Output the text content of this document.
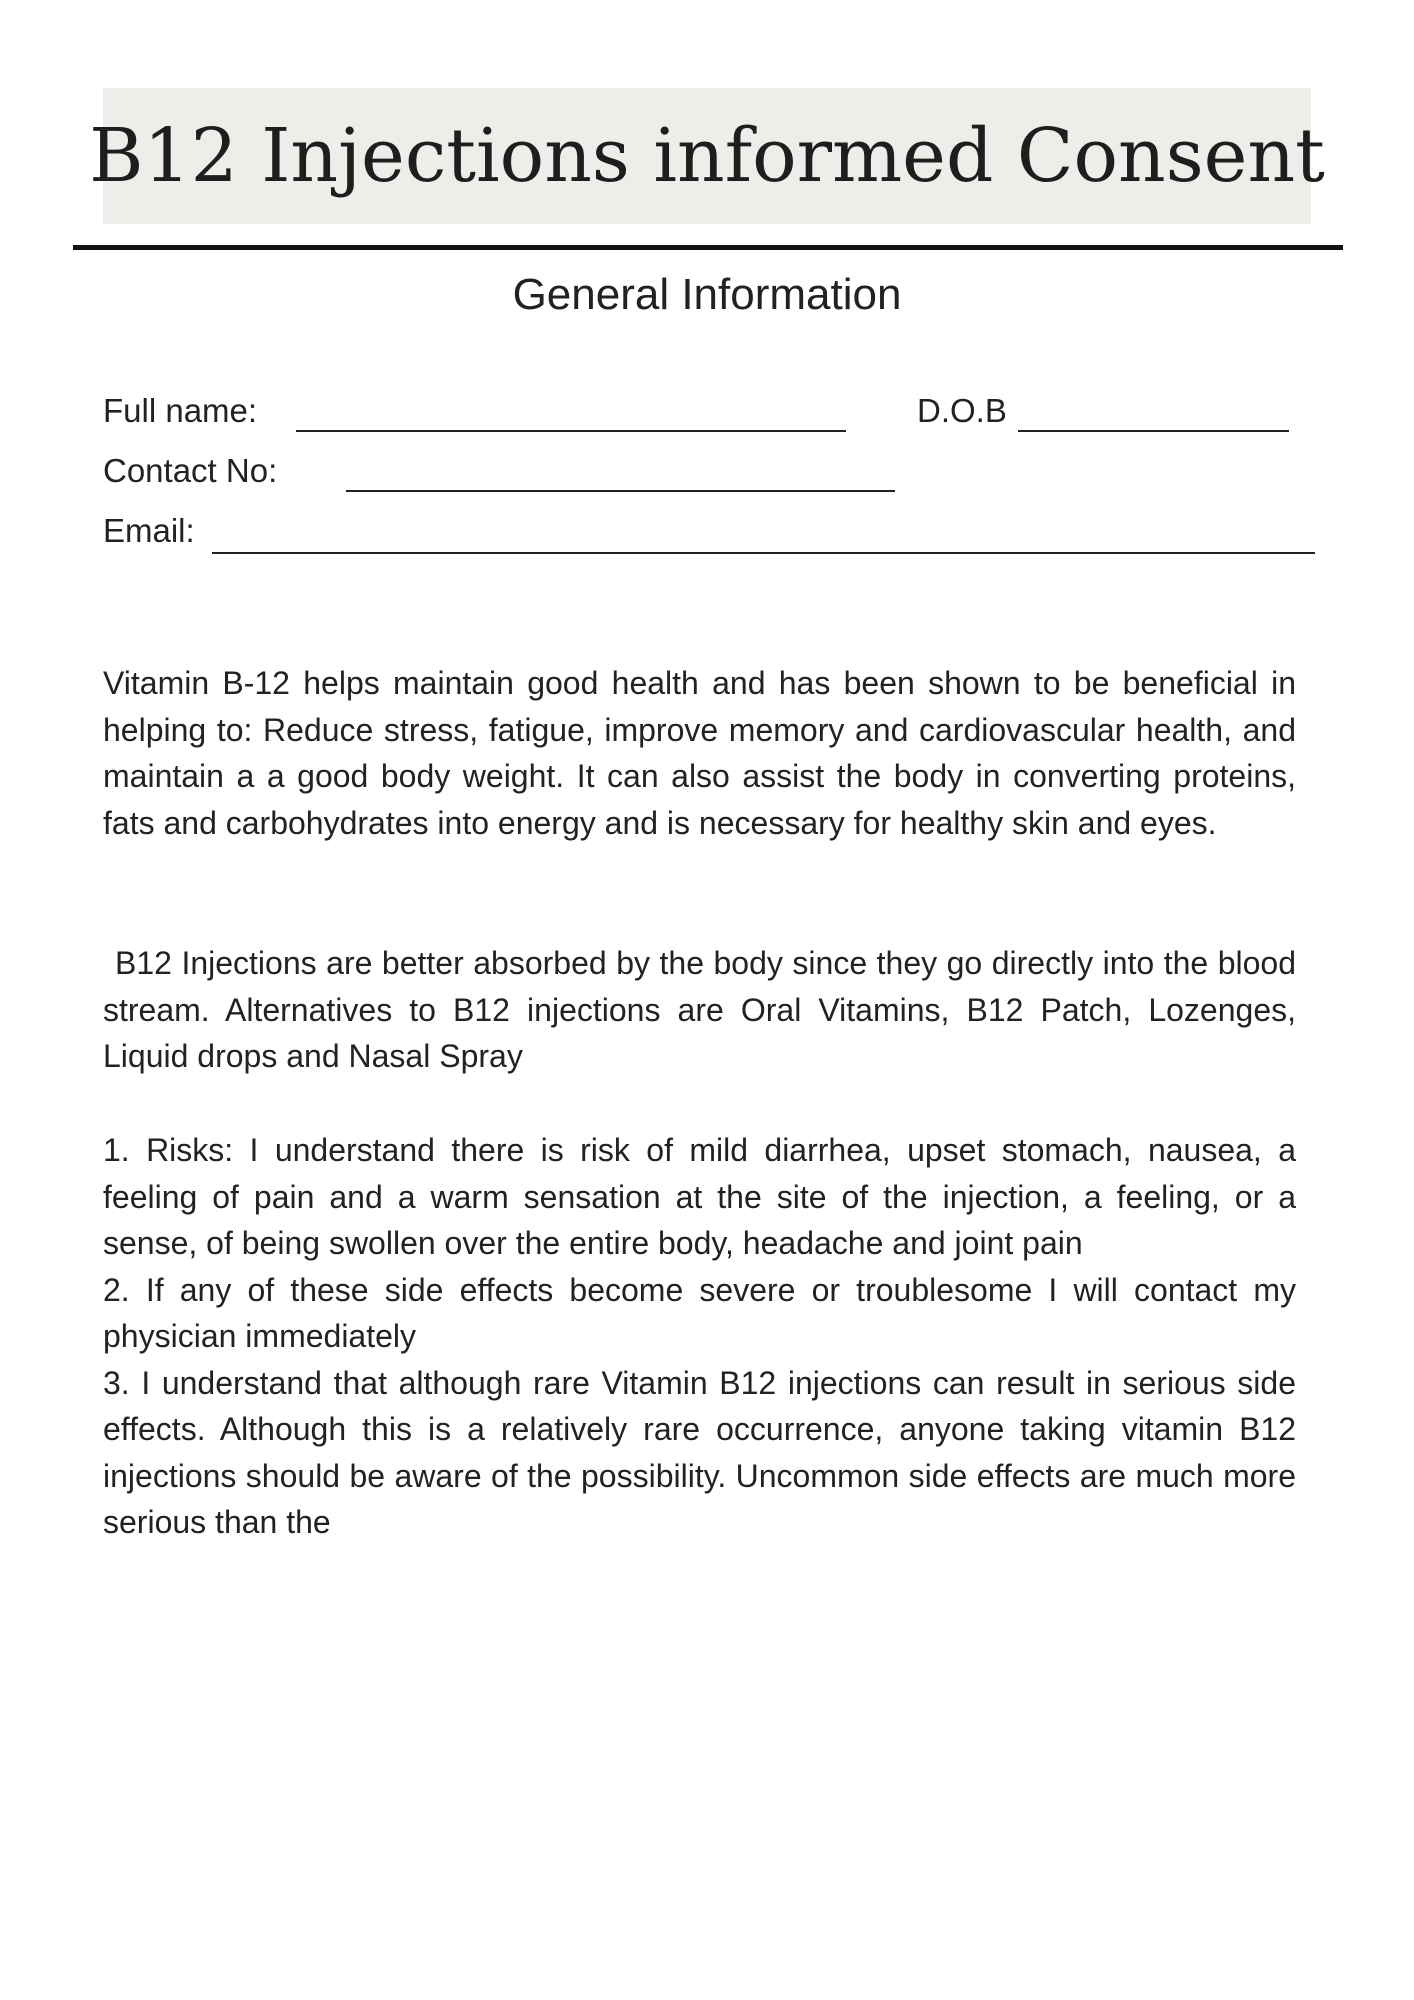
B12 Injections informed Consent
General Information
Full name:	D.O.B
Contact No:
Email:

Vitamin B-12 helps maintain good health and has been shown to be beneficial in helping to: Reduce stress, fatigue, improve memory and cardiovascular health, and maintain a a good body weight. It can also assist the body in converting proteins, fats and carbohydrates into energy and is necessary for healthy skin and eyes.

B12 Injections are better absorbed by the body since they go directly into the blood stream. Alternatives to B12 injections are Oral Vitamins, B12 Patch, Lozenges, Liquid drops and Nasal Spray

1. Risks: I understand there is risk of mild diarrhea, upset stomach, nausea, a feeling of pain and a warm sensation at the site of the injection, a feeling, or a sense, of being swollen over the entire body, headache and joint pain
2. If any of these side effects become severe or troublesome I will contact my physician immediately
3. I understand that although rare Vitamin B12 injections can result in serious side effects. Although this is a relatively rare occurrence, anyone taking vitamin B12 injections should be aware of the possibility. Uncommon side effects are much more serious than the
